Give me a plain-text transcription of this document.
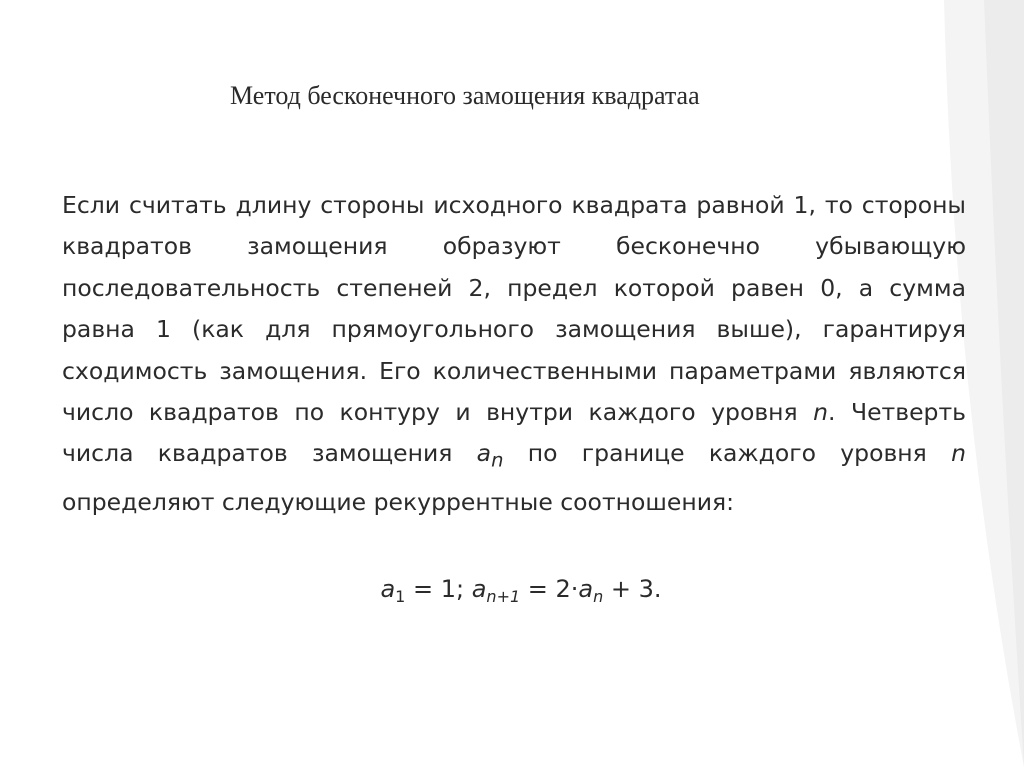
Метод бесконечного замощения квадратаа

Если считать длину стороны исходного квадрата равной 1, то стороны квадратов замощения образуют бесконечно убывающую последовательность степеней 2, предел которой равен 0, а сумма равна 1 (как для прямоугольного замощения выше), гарантируя сходимость замощения. Его количественными параметрами являются число квадратов по контуру и внутри каждого уровня n. Четверть числа квадратов замощения $a_n$ по границе каждого уровня n определяют следующие рекуррентные соотношения:

$a_1 = 1$; $a_{n+1} = 2\cdot a_n + 3$.
